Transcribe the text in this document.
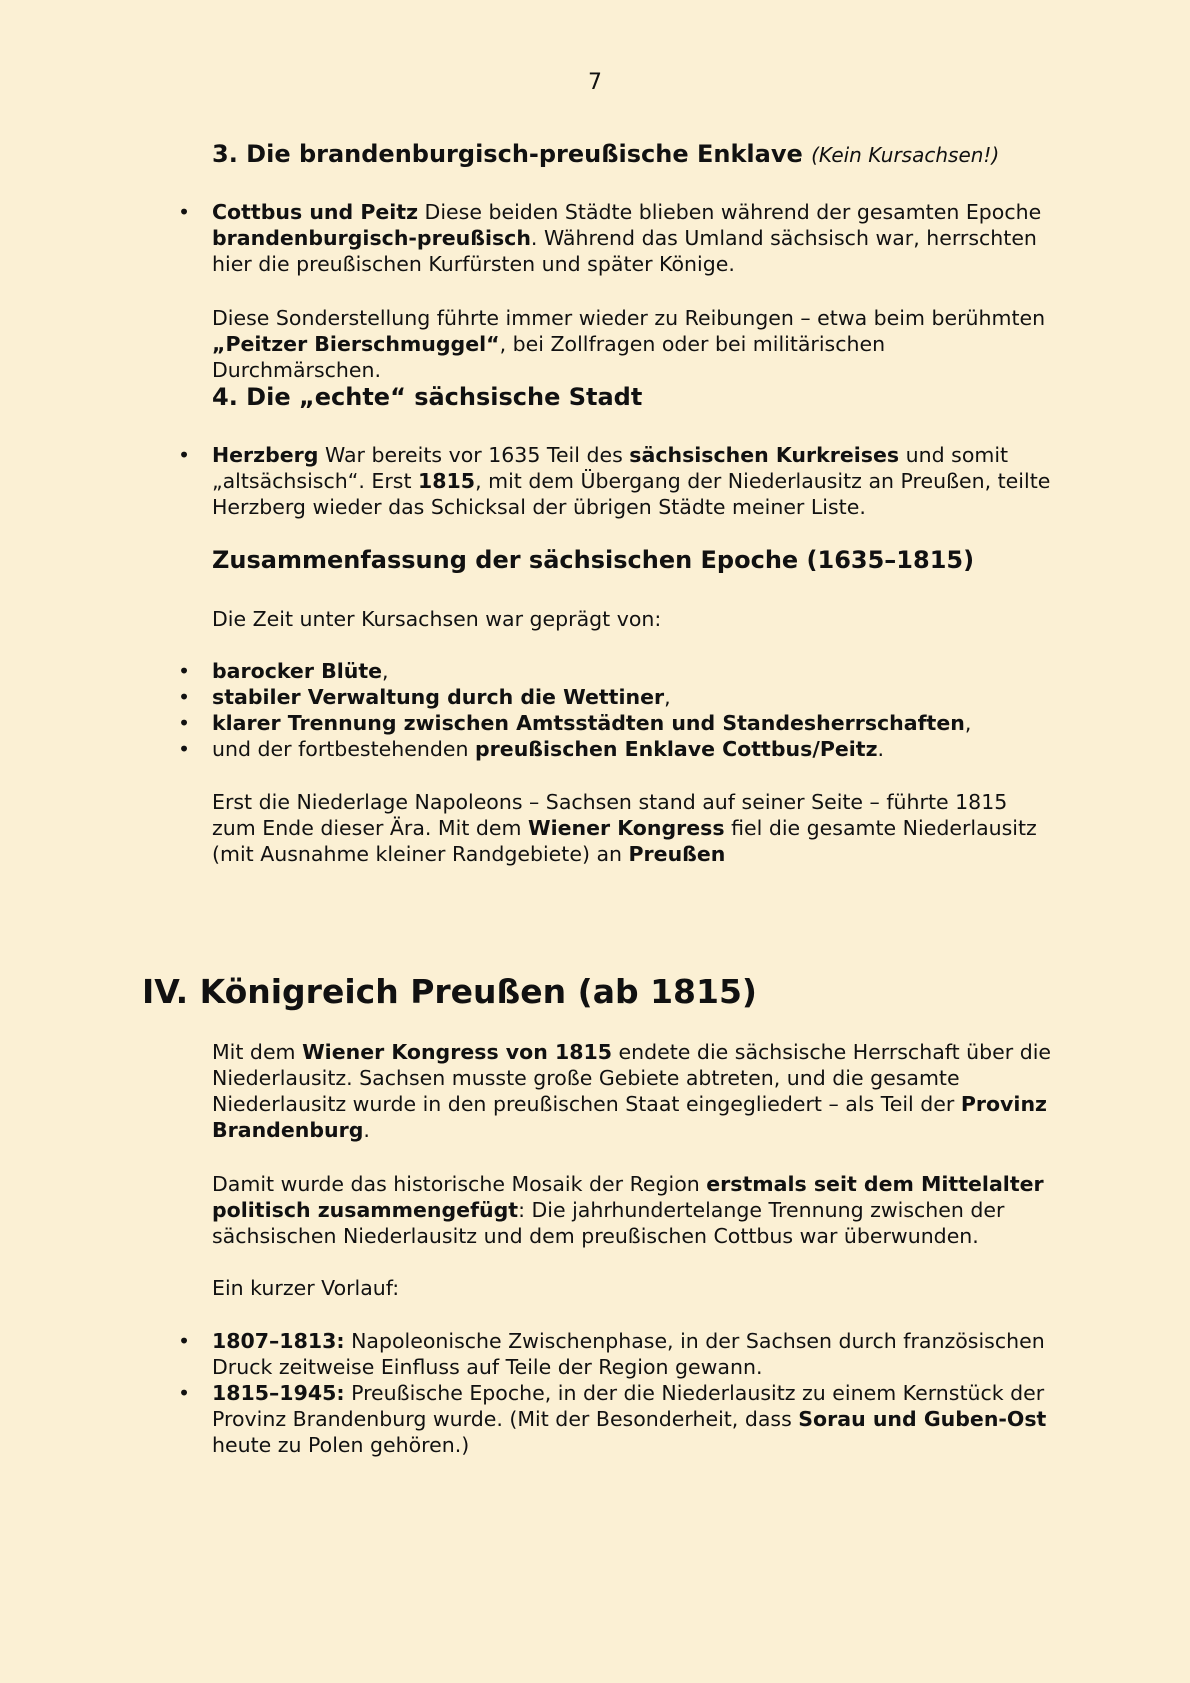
7
3. Die brandenburgisch-preußische Enklave (Kein Kursachsen!)
• Cottbus und Peitz Diese beiden Städte blieben während der gesamten Epoche brandenburgisch-preußisch. Während das Umland sächsisch war, herrschten hier die preußischen Kurfürsten und später Könige.
Diese Sonderstellung führte immer wieder zu Reibungen – etwa beim berühmten „Peitzer Bierschmuggel“, bei Zollfragen oder bei militärischen Durchmärschen.
4. Die „echte“ sächsische Stadt
• Herzberg War bereits vor 1635 Teil des sächsischen Kurkreises und somit „altsächsisch“. Erst 1815, mit dem Übergang der Niederlausitz an Preußen, teilte Herzberg wieder das Schicksal der übrigen Städte meiner Liste.
Zusammenfassung der sächsischen Epoche (1635–1815)
Die Zeit unter Kursachsen war geprägt von:
• barocker Blüte,
• stabiler Verwaltung durch die Wettiner,
• klarer Trennung zwischen Amtsstädten und Standesherrschaften,
• und der fortbestehenden preußischen Enklave Cottbus/Peitz.
Erst die Niederlage Napoleons – Sachsen stand auf seiner Seite – führte 1815 zum Ende dieser Ära. Mit dem Wiener Kongress fiel die gesamte Niederlausitz (mit Ausnahme kleiner Randgebiete) an Preußen
IV. Königreich Preußen (ab 1815)
Mit dem Wiener Kongress von 1815 endete die sächsische Herrschaft über die Niederlausitz. Sachsen musste große Gebiete abtreten, und die gesamte Niederlausitz wurde in den preußischen Staat eingegliedert – als Teil der Provinz Brandenburg.
Damit wurde das historische Mosaik der Region erstmals seit dem Mittelalter politisch zusammengefügt: Die jahrhundertelange Trennung zwischen der sächsischen Niederlausitz und dem preußischen Cottbus war überwunden.
Ein kurzer Vorlauf:
• 1807–1813: Napoleonische Zwischenphase, in der Sachsen durch französischen Druck zeitweise Einfluss auf Teile der Region gewann.
• 1815–1945: Preußische Epoche, in der die Niederlausitz zu einem Kernstück der Provinz Brandenburg wurde. (Mit der Besonderheit, dass Sorau und Guben-Ost heute zu Polen gehören.)
